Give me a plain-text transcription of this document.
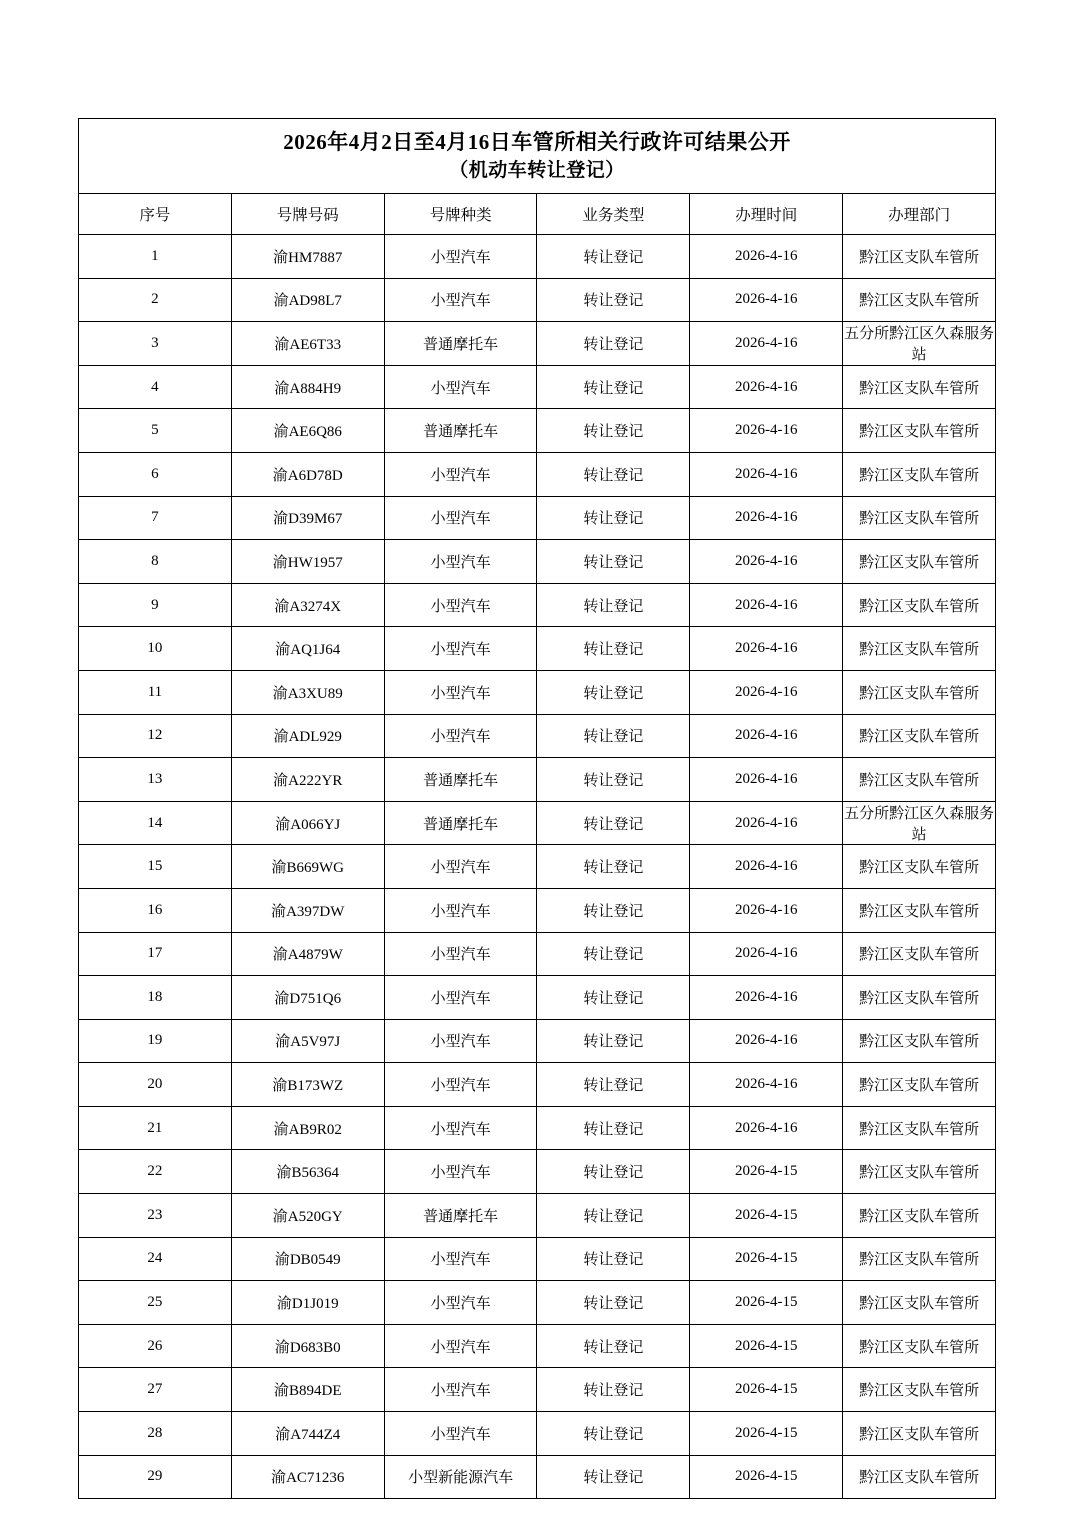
2026年4月2日至4月16日车管所相关行政许可结果公开
（机动车转让登记）					

序号	号牌号码	号牌种类	业务类型	办理时间	办理部门
1	渝HM7887	小型汽车	转让登记	2026-4-16	黔江区支队车管所
2	渝AD98L7	小型汽车	转让登记	2026-4-16	黔江区支队车管所
3	渝AE6T33	普通摩托车	转让登记	2026-4-16	五分所黔江区久森服务站
4	渝A884H9	小型汽车	转让登记	2026-4-16	黔江区支队车管所
5	渝AE6Q86	普通摩托车	转让登记	2026-4-16	黔江区支队车管所
6	渝A6D78D	小型汽车	转让登记	2026-4-16	黔江区支队车管所
7	渝D39M67	小型汽车	转让登记	2026-4-16	黔江区支队车管所
8	渝HW1957	小型汽车	转让登记	2026-4-16	黔江区支队车管所
9	渝A3274X	小型汽车	转让登记	2026-4-16	黔江区支队车管所
10	渝AQ1J64	小型汽车	转让登记	2026-4-16	黔江区支队车管所
11	渝A3XU89	小型汽车	转让登记	2026-4-16	黔江区支队车管所
12	渝ADL929	小型汽车	转让登记	2026-4-16	黔江区支队车管所
13	渝A222YR	普通摩托车	转让登记	2026-4-16	黔江区支队车管所
14	渝A066YJ	普通摩托车	转让登记	2026-4-16	五分所黔江区久森服务站
15	渝B669WG	小型汽车	转让登记	2026-4-16	黔江区支队车管所
16	渝A397DW	小型汽车	转让登记	2026-4-16	黔江区支队车管所
17	渝A4879W	小型汽车	转让登记	2026-4-16	黔江区支队车管所
18	渝D751Q6	小型汽车	转让登记	2026-4-16	黔江区支队车管所
19	渝A5V97J	小型汽车	转让登记	2026-4-16	黔江区支队车管所
20	渝B173WZ	小型汽车	转让登记	2026-4-16	黔江区支队车管所
21	渝AB9R02	小型汽车	转让登记	2026-4-16	黔江区支队车管所
22	渝B56364	小型汽车	转让登记	2026-4-15	黔江区支队车管所
23	渝A520GY	普通摩托车	转让登记	2026-4-15	黔江区支队车管所
24	渝DB0549	小型汽车	转让登记	2026-4-15	黔江区支队车管所
25	渝D1J019	小型汽车	转让登记	2026-4-15	黔江区支队车管所
26	渝D683B0	小型汽车	转让登记	2026-4-15	黔江区支队车管所
27	渝B894DE	小型汽车	转让登记	2026-4-15	黔江区支队车管所
28	渝A744Z4	小型汽车	转让登记	2026-4-15	黔江区支队车管所
29	渝AC71236	小型新能源汽车	转让登记	2026-4-15	黔江区支队车管所
